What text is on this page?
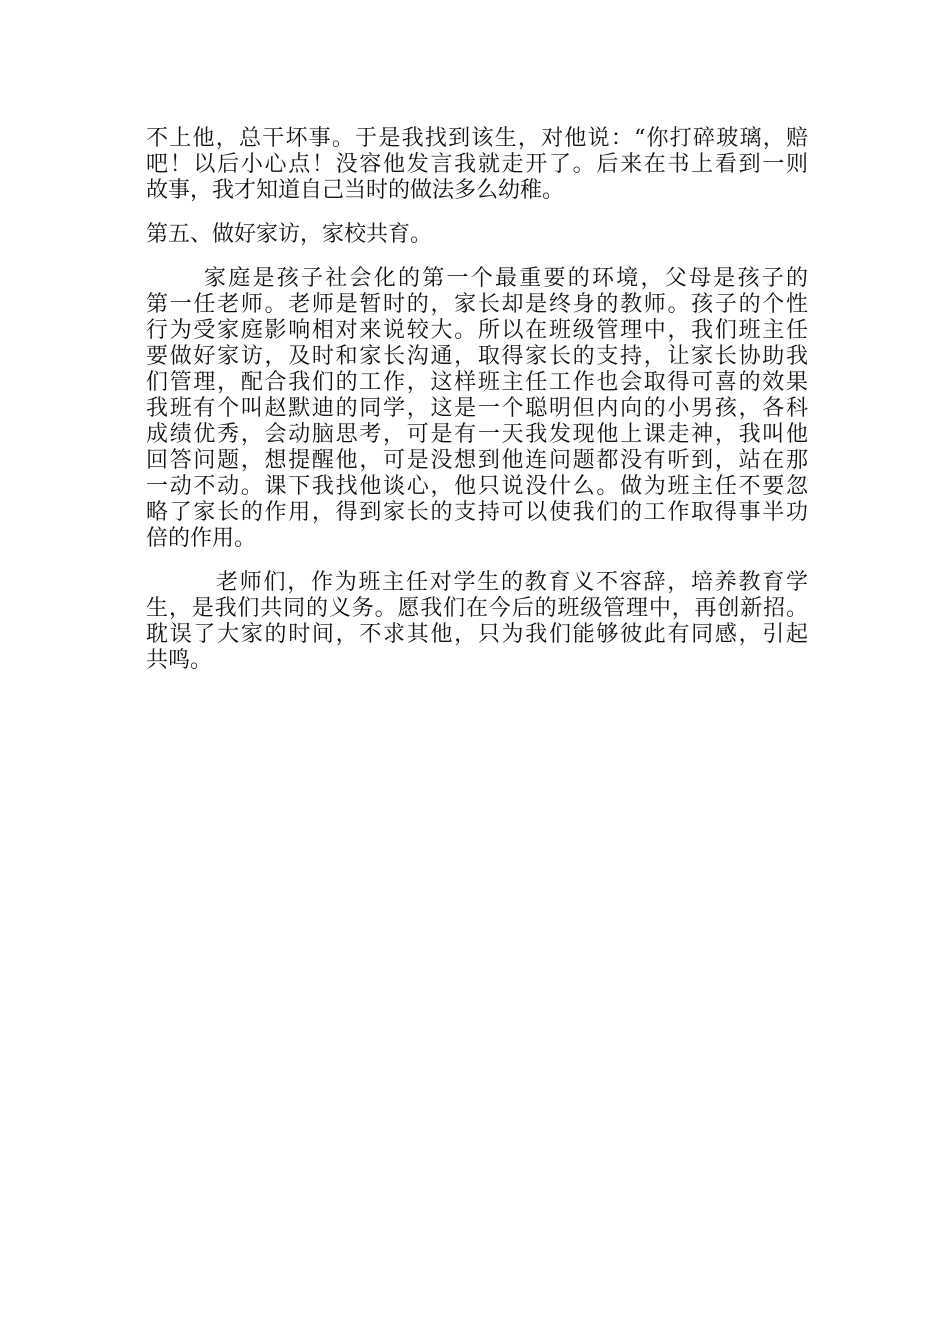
不上他，总干坏事。于是我找到该生，对他说：“你打碎玻璃，赔
吧！以后小心点！没容他发言我就走开了。后来在书上看到一则
故事，我才知道自己当时的做法多么幼稚。
第五、做好家访，家校共育。
家庭是孩子社会化的第一个最重要的环境，父母是孩子的
第一任老师。老师是暂时的，家长却是终身的教师。孩子的个性
行为受家庭影响相对来说较大。所以在班级管理中，我们班主任
要做好家访，及时和家长沟通，取得家长的支持，让家长协助我
们管理，配合我们的工作，这样班主任工作也会取得可喜的效果
我班有个叫赵默迪的同学，这是一个聪明但内向的小男孩，各科
成绩优秀，会动脑思考，可是有一天我发现他上课走神，我叫他
回答问题，想提醒他，可是没想到他连问题都没有听到，站在那
一动不动。课下我找他谈心，他只说没什么。做为班主任不要忽
略了家长的作用，得到家长的支持可以使我们的工作取得事半功
倍的作用。
老师们，作为班主任对学生的教育义不容辞，培养教育学
生，是我们共同的义务。愿我们在今后的班级管理中，再创新招。
耽误了大家的时间，不求其他，只为我们能够彼此有同感，引起
共鸣。
